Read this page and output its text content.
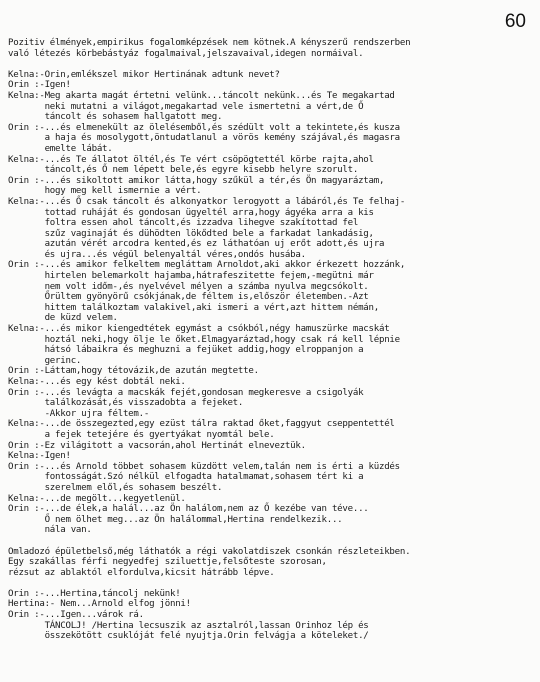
60
Pozitiv élmények,empirikus fogalomképzések nem kötnek.A kényszerű rendszerben
való létezés körbebástyáz fogalmaival,jelszavaival,idegen normáival.
Kelna:-Orin,emlékszel mikor Hertinának adtunk nevet?
Orin :-Igen!
Kelna:-Meg akarta magát értetni velünk...táncolt nekünk...és Te megakartad
neki mutatni a világot,megakartad vele ismertetni a vért,de Ő
táncolt és sohasem hallgatott meg.
Orin :-...és elmenekült az ölelésemből,és szédült volt a tekintete,és kusza
a haja és mosolygott,öntudatlanul a vörös kemény szájával,és magasra
emelte lábát.
Kelna:-...és Te állatot öltél,és Te vért csöpögtettél körbe rajta,ahol
táncolt,és Ő nem lépett bele,és egyre kisebb helyre szorult.
Orin :-...és sikoltott amikor látta,hogy szűkül a tér,és Ön magyaráztam,
hogy meg kell ismernie a vért.
Kelna:-...és Ő csak táncolt és alkonyatkor lerogyott a lábáról,és Te felhaj-
tottad ruháját és gondosan ügyeltél arra,hogy ágyéka arra a kis
foltra essen ahol táncolt,és izzadva lihegve szakítottad fel
szűz vaginaját és dühödten lökődted bele a farkadat lankadásig,
azután vérét arcodra kented,és ez láthatóan uj erőt adott,és ujra
és ujra...és végül belenyaltál véres,ondós husába.
Orin :-...és amikor felkeltem megláttam Arnoldot,aki akkor érkezett hozzánk,
hirtelen belemarkolt hajamba,hátrafeszitette fejem,-megütni már
nem volt időm-,és nyelvével mélyen a számba nyulva megcsókolt.
Őrültem gyönyörű csókjának,de féltem is,először életemben.-Azt
hittem találkoztam valakivel,aki ismeri a vért,azt hittem némán,
de küzd velem.
Kelna:-...és mikor kiengedtétek egymást a csókból,négy hamuszürke macskát
hoztál neki,hogy ölje le őket.Elmagyaráztad,hogy csak rá kell lépnie
hátsó lábaikra és meghuzni a fejüket addig,hogy elroppanjon a
gerinc.
Orin :-Láttam,hogy tétovázik,de azután megtette.
Kelna:-...és egy kést dobtál neki.
Orin :-...és levágta a macskák fejét,gondosan megkeresve a csigolyák
találkozását,és visszadobta a fejeket.
-Akkor ujra féltem.-
Kelna:-...de összegezted,egy ezüst tálra raktad őket,faggyut cseppentettél
a fejek tetejére és gyertyákat nyomtál bele.
Orin :-Ez világitott a vacsorán,ahol Hertinát elneveztük.
Kelna:-Igen!
Orin :-...és Arnold többet sohasem küzdött velem,talán nem is érti a küzdés
fontosságát.Szó nélkül elfogadta hatalmamat,sohasem tért ki a
szerelmem elől,és sohasem beszélt.
Kelna:-...de megölt...kegyetlenül.
Orin :-...de élek,a halál...az Ön halálom,nem az Ő kezébe van téve...
Ő nem ölhet meg...az Ön halálommal,Hertina rendelkezik...
nála van.
Omladozó épületbelső,még láthatók a régi vakolatdiszek csonkán részleteikben.
Egy szakállas férfi negyedfej sziluettje,felsőteste szorosan,
rézsut az ablaktól elfordulva,kicsit hátrább lépve.
Orin :-...Hertina,táncolj nekünk!
Hertina:- Nem...Arnold elfog jönni!
Orin :-...Igen...várok rá.
TÁNCOLJ! /Hertina lecsuszik az asztalról,lassan Orinhoz lép és
összekötött csuklóját felé nyujtja.Orin felvágja a köteleket./
